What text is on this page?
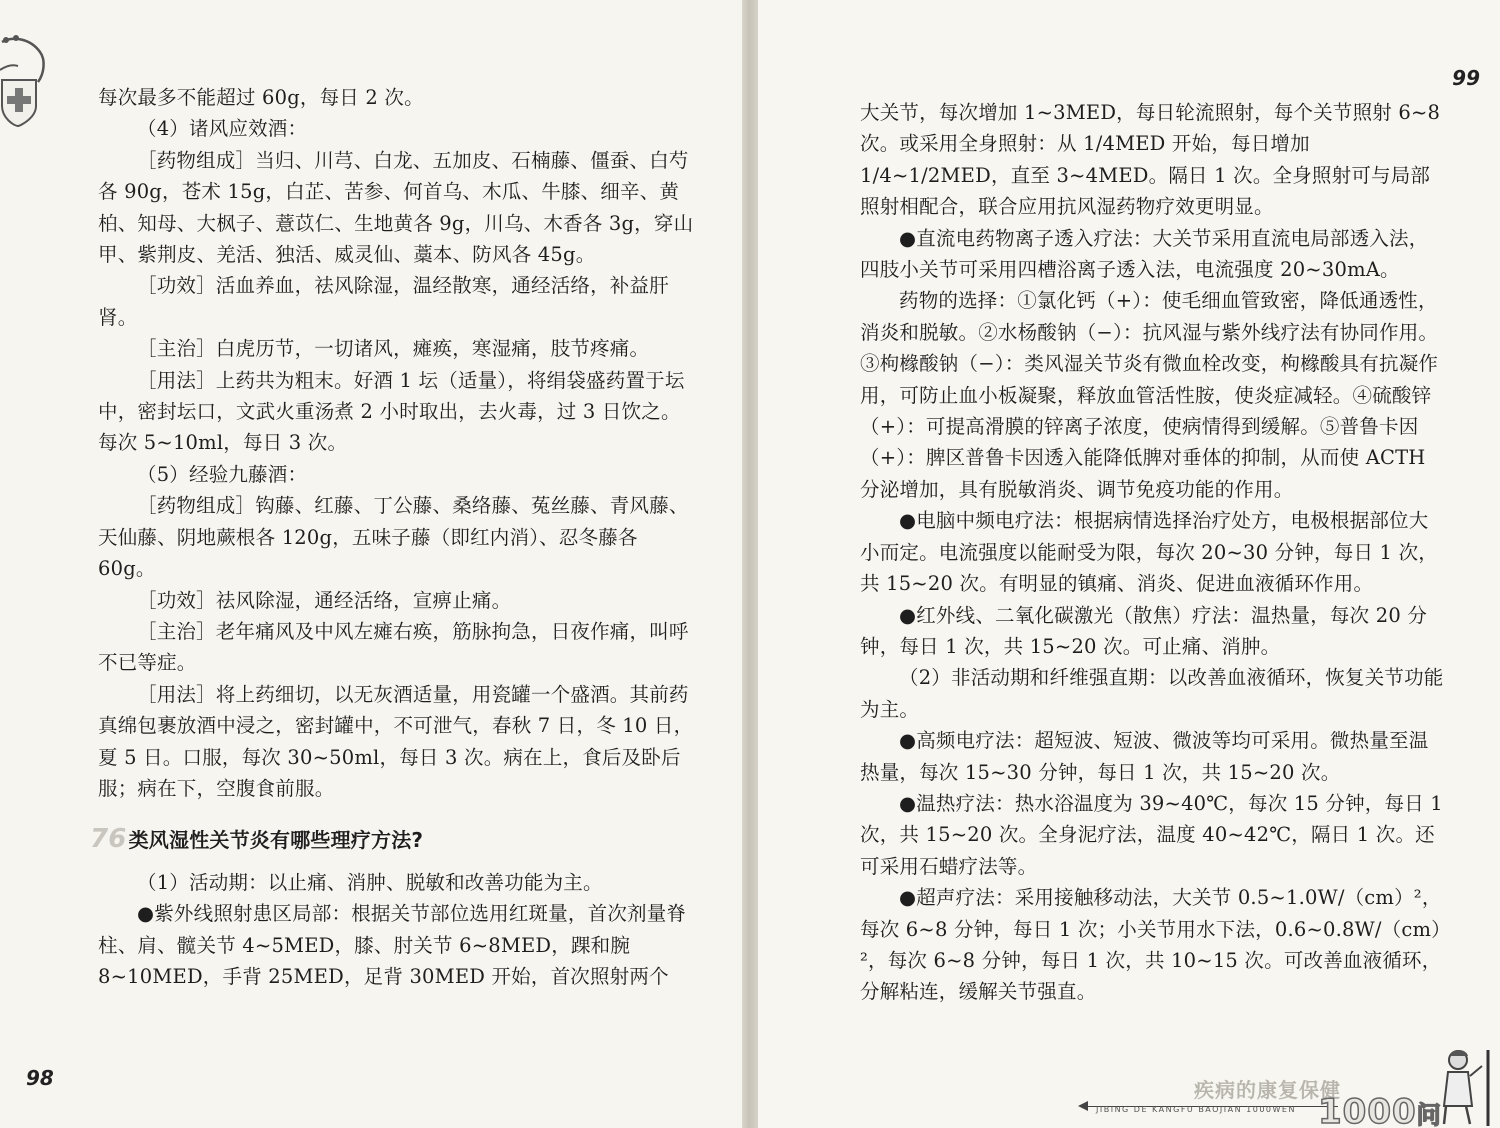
每次最多不能超过 60g，每日 2 次。

（4）诸风应效酒：

［药物组成］当归、川芎、白龙、五加皮、石楠藤、僵蚕、白芍各 90g，苍术 15g，白芷、苦参、何首乌、木瓜、牛膝、细辛、黄柏、知母、大枫子、薏苡仁、生地黄各 9g，川乌、木香各 3g，穿山甲、紫荆皮、羌活、独活、威灵仙、藁本、防风各 45g。

［功效］活血养血，祛风除湿，温经散寒，通经活络，补益肝肾。

［主治］白虎历节，一切诸风，瘫痪，寒湿痛，肢节疼痛。

［用法］上药共为粗末。好酒 1 坛（适量），将绢袋盛药置于坛中，密封坛口，文武火重汤煮 2 小时取出，去火毒，过 3 日饮之。每次 5~10ml，每日 3 次。

（5）经验九藤酒：

［药物组成］钩藤、红藤、丁公藤、桑络藤、菟丝藤、青风藤、天仙藤、阴地蕨根各 120g，五味子藤（即红内消）、忍冬藤各 60g。

［功效］祛风除湿，通经活络，宣痹止痛。

［主治］老年痛风及中风左瘫右痪，筋脉拘急，日夜作痛，叫呼不已等症。

［用法］将上药细切，以无灰酒适量，用瓷罐一个盛酒。其前药真绵包裹放酒中浸之，密封罐中，不可泄气，春秋 7 日，冬 10 日，夏 5 日。口服，每次 30~50ml，每日 3 次。病在上，食后及卧后服；病在下，空腹食前服。

76 类风湿性关节炎有哪些理疗方法?

（1）活动期：以止痛、消肿、脱敏和改善功能为主。

●紫外线照射患区局部：根据关节部位选用红斑量，首次剂量脊柱、肩、髋关节 4~5MED，膝、肘关节 6~8MED，踝和腕 8~10MED，手背 25MED，足背 30MED 开始，首次照射两个

98
99

大关节，每次增加 1~3MED，每日轮流照射，每个关节照射 6~8 次。或采用全身照射：从 1/4MED 开始，每日增加 1/4~1/2MED，直至 3~4MED。隔日 1 次。全身照射可与局部照射相配合，联合应用抗风湿药物疗效更明显。

●直流电药物离子透入疗法：大关节采用直流电局部透入法，四肢小关节可采用四槽浴离子透入法，电流强度 20~30mA。

药物的选择：①氯化钙（+）：使毛细血管致密，降低通透性，消炎和脱敏。②水杨酸钠（−）：抗风湿与紫外线疗法有协同作用。③枸橼酸钠（−）：类风湿关节炎有微血栓改变，枸橼酸具有抗凝作用，可防止血小板凝聚，释放血管活性胺，使炎症减轻。④硫酸锌（+）：可提高滑膜的锌离子浓度，使病情得到缓解。⑤普鲁卡因（+）：脾区普鲁卡因透入能降低脾对垂体的抑制，从而使 ACTH 分泌增加，具有脱敏消炎、调节免疫功能的作用。

●电脑中频电疗法：根据病情选择治疗处方，电极根据部位大小而定。电流强度以能耐受为限，每次 20~30 分钟，每日 1 次，共 15~20 次。有明显的镇痛、消炎、促进血液循环作用。

●红外线、二氧化碳激光（散焦）疗法：温热量，每次 20 分钟，每日 1 次，共 15~20 次。可止痛、消肿。

（2）非活动期和纤维强直期：以改善血液循环，恢复关节功能为主。

●高频电疗法：超短波、短波、微波等均可采用。微热量至温热量，每次 15~30 分钟，每日 1 次，共 15~20 次。

●温热疗法：热水浴温度为 39~40℃，每次 15 分钟，每日 1 次，共 15~20 次。全身泥疗法，温度 40~42℃，隔日 1 次。还可采用石蜡疗法等。

●超声疗法：采用接触移动法，大关节 0.5~1.0W/（cm）²，每次 6~8 分钟，每日 1 次；小关节用水下法，0.6~0.8W/（cm）²，每次 6~8 分钟，每日 1 次，共 10~15 次。可改善血液循环，分解粘连，缓解关节强直。

疾病的康复保健
JIBING DE KANGFU BAOJIAN 1000WEN 1000问
